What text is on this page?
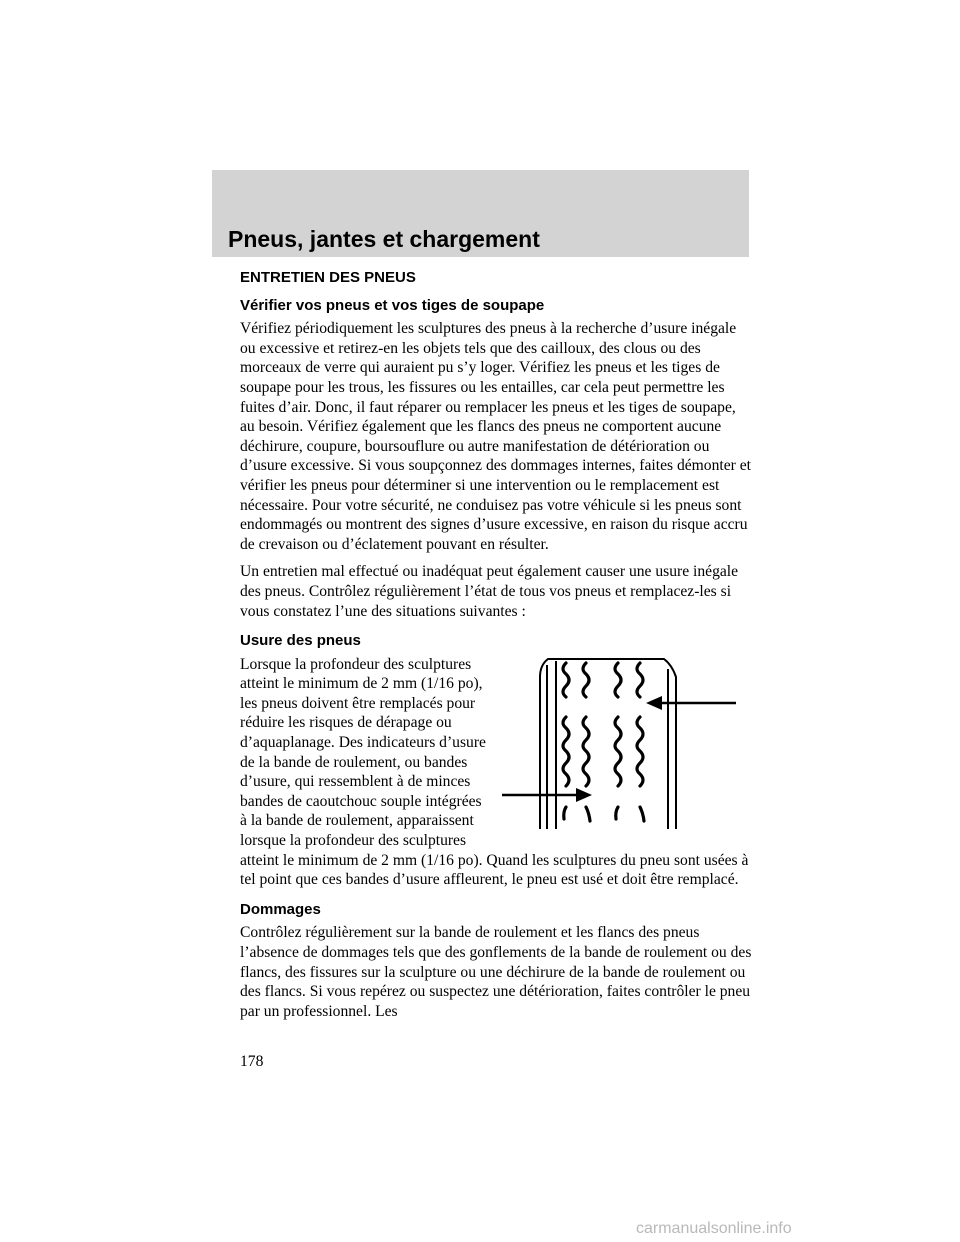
Pneus, jantes et chargement
ENTRETIEN DES PNEUS
Vérifier vos pneus et vos tiges de soupape

Vérifiez périodiquement les sculptures des pneus à la recherche d’usure inégale ou excessive et retirez-en les objets tels que des cailloux, des clous ou des morceaux de verre qui auraient pu s’y loger. Vérifiez les pneus et les tiges de soupape pour les trous, les fissures ou les entailles, car cela peut permettre les fuites d’air. Donc, il faut réparer ou remplacer les pneus et les tiges de soupape, au besoin. Vérifiez également que les flancs des pneus ne comportent aucune déchirure, coupure, boursouflure ou autre manifestation de détérioration ou d’usure excessive. Si vous soupçonnez des dommages internes, faites démonter et vérifier les pneus pour déterminer si une intervention ou le remplacement est nécessaire. Pour votre sécurité, ne conduisez pas votre véhicule si les pneus sont endommagés ou montrent des signes d’usure excessive, en raison du risque accru de crevaison ou d’éclatement pouvant en résulter.

Un entretien mal effectué ou inadéquat peut également causer une usure inégale des pneus. Contrôlez régulièrement l’état de tous vos pneus et remplacez-les si vous constatez l’une des situations suivantes :

Usure des pneus
Lorsque la profondeur des sculptures atteint le minimum de 2 mm (1/16 po), les pneus doivent être remplacés pour réduire les risques de dérapage ou d’aquaplanage. Des indicateurs d’usure de la bande de roulement, ou bandes d’usure, qui ressemblent à de minces bandes de caoutchouc souple intégrées à la bande de roulement, apparaissent lorsque la profondeur des sculptures atteint le minimum de 2 mm (1/16 po). Quand les sculptures du pneu sont usées à tel point que ces bandes d’usure affleurent, le pneu est usé et doit être remplacé.
Dommages

Contrôlez régulièrement sur la bande de roulement et les flancs des pneus l’absence de dommages tels que des gonflements de la bande de roulement ou des flancs, des fissures sur la sculpture ou une déchirure de la bande de roulement ou des flancs. Si vous repérez ou suspectez une détérioration, faites contrôler le pneu par un professionnel. Les

178
carmanualsonline.info
